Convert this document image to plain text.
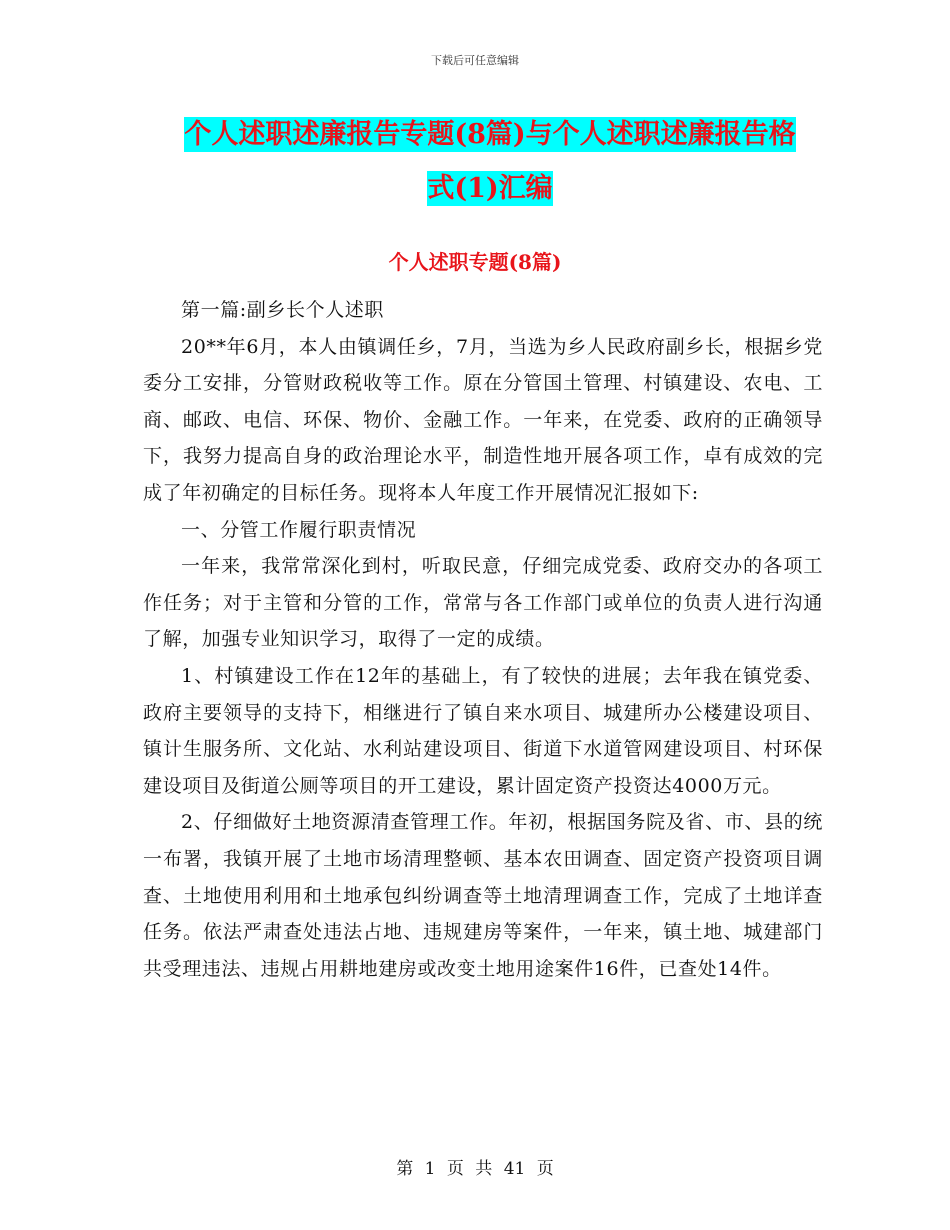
下载后可任意编辑
个人述职述廉报告专题(8篇)与个人述职述廉报告格
式(1)汇编
个人述职专题(8篇)

第一篇:副乡长个人述职

20**年6月，本人由镇调任乡，7月，当选为乡人民政府副乡长，根据乡党委分工安排，分管财政税收等工作。原在分管国土管理、村镇建设、农电、工商、邮政、电信、环保、物价、金融工作。一年来，在党委、政府的正确领导下，我努力提高自身的政治理论水平，制造性地开展各项工作，卓有成效的完成了年初确定的目标任务。现将本人年度工作开展情况汇报如下:

一、分管工作履行职责情况

一年来，我常常深化到村，听取民意，仔细完成党委、政府交办的各项工作任务；对于主管和分管的工作，常常与各工作部门或单位的负责人进行沟通了解，加强专业知识学习，取得了一定的成绩。

1、村镇建设工作在12年的基础上，有了较快的进展；去年我在镇党委、政府主要领导的支持下，相继进行了镇自来水项目、城建所办公楼建设项目、镇计生服务所、文化站、水利站建设项目、街道下水道管网建设项目、村环保建设项目及街道公厕等项目的开工建设，累计固定资产投资达4000万元。

2、仔细做好土地资源清查管理工作。年初，根据国务院及省、市、县的统一布署，我镇开展了土地市场清理整顿、基本农田调查、固定资产投资项目调查、土地使用利用和土地承包纠纷调查等土地清理调查工作，完成了土地详查任务。依法严肃查处违法占地、违规建房等案件，一年来，镇土地、城建部门共受理违法、违规占用耕地建房或改变土地用途案件16件，已查处14件。

第 1 页 共 41 页
